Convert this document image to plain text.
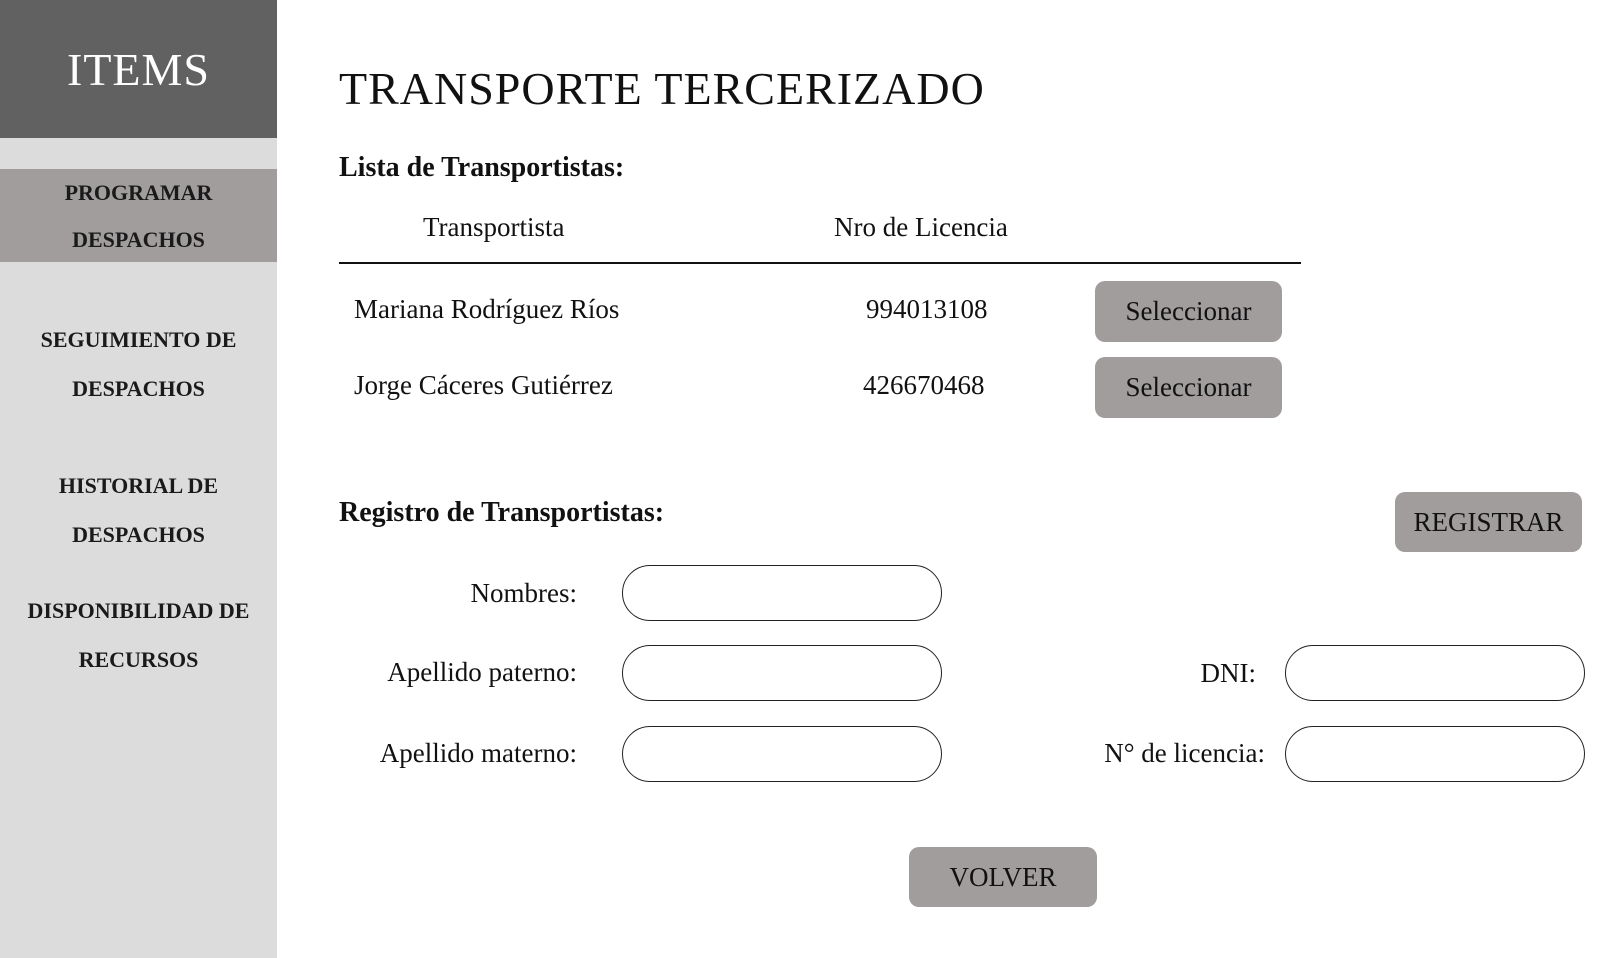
ITEMS
PROGRAMAR
DESPACHOS
SEGUIMIENTO DE
DESPACHOS
HISTORIAL DE
DESPACHOS
DISPONIBILIDAD DE
RECURSOS
TRANSPORTE TERCERIZADO
Lista de Transportistas:
Transportista	Nro de Licencia
Mariana Rodríguez Ríos	994013108	Seleccionar
Jorge Cáceres Gutiérrez	426670468	Seleccionar
Registro de Transportistas:	REGISTRAR
Nombres:
Apellido paterno:
Apellido materno:
DNI:
N° de licencia:
VOLVER
